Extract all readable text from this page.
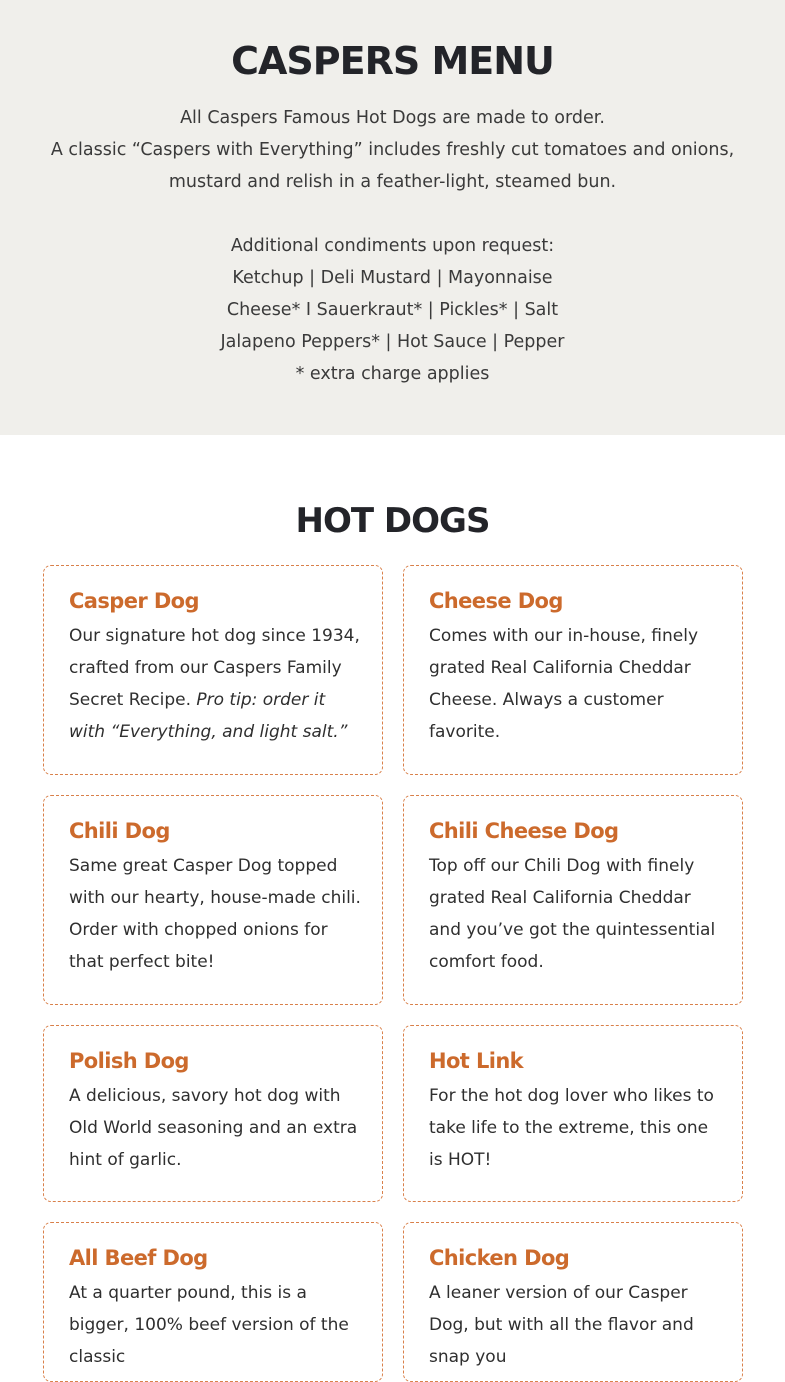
CASPERS MENU
All Caspers Famous Hot Dogs are made to order.
A classic “Caspers with Everything” includes freshly cut tomatoes and onions, mustard and relish in a feather-light, steamed bun.
Additional condiments upon request:
Ketchup | Deli Mustard | Mayonnaise
Cheese* I Sauerkraut* | Pickles* | Salt
Jalapeno Peppers* | Hot Sauce | Pepper
* extra charge applies
HOT DOGS
Casper Dog

Our signature hot dog since 1934, crafted from our Caspers Family Secret Recipe. Pro tip: order it with “Everything, and light salt.”

Cheese Dog

Comes with our in-house, finely grated Real California Cheddar Cheese. Always a customer favorite.

Chili Dog

Same great Casper Dog topped with our hearty, house-made chili. Order with chopped onions for that perfect bite!

Chili Cheese Dog

Top off our Chili Dog with finely grated Real California Cheddar and you’ve got the quintessential comfort food.

Polish Dog

A delicious, savory hot dog with Old World seasoning and an extra hint of garlic.

Hot Link

For the hot dog lover who likes to take life to the extreme, this one is HOT!

All Beef Dog

At a quarter pound, this is a bigger, 100% beef version of the classic

Chicken Dog

A leaner version of our Casper Dog, but with all the flavor and snap you
